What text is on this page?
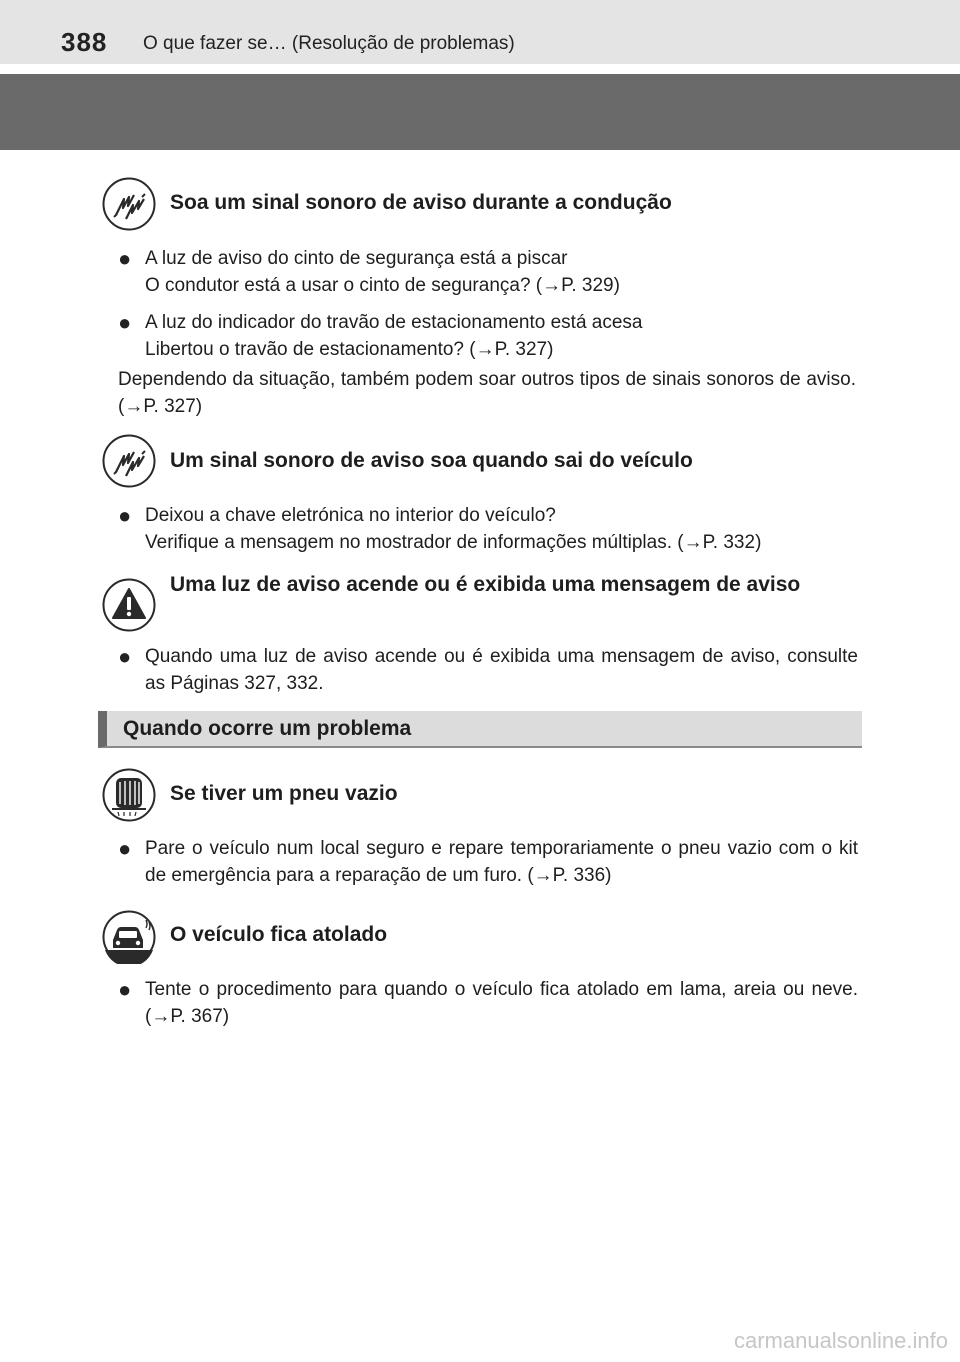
388 O que fazer se… (Resolução de problemas)
Soa um sinal sonoro de aviso durante a condução
● A luz de aviso do cinto de segurança está a piscar
O condutor está a usar o cinto de segurança? (→P. 329)
● A luz do indicador do travão de estacionamento está acesa
Libertou o travão de estacionamento? (→P. 327)
Dependendo da situação, também podem soar outros tipos de sinais sonoros de aviso. (→P. 327)
Um sinal sonoro de aviso soa quando sai do veículo
● Deixou a chave eletrónica no interior do veículo?
Verifique a mensagem no mostrador de informações múltiplas. (→P. 332)
Uma luz de aviso acende ou é exibida uma mensagem de aviso
● Quando uma luz de aviso acende ou é exibida uma mensagem de aviso, consulte as Páginas 327, 332.
Quando ocorre um problema
Se tiver um pneu vazio
● Pare o veículo num local seguro e repare temporariamente o pneu vazio com o kit de emergência para a reparação de um furo. (→P. 336)
O veículo fica atolado
● Tente o procedimento para quando o veículo fica atolado em lama, areia ou neve. (→P. 367)
carmanualsonline.info
